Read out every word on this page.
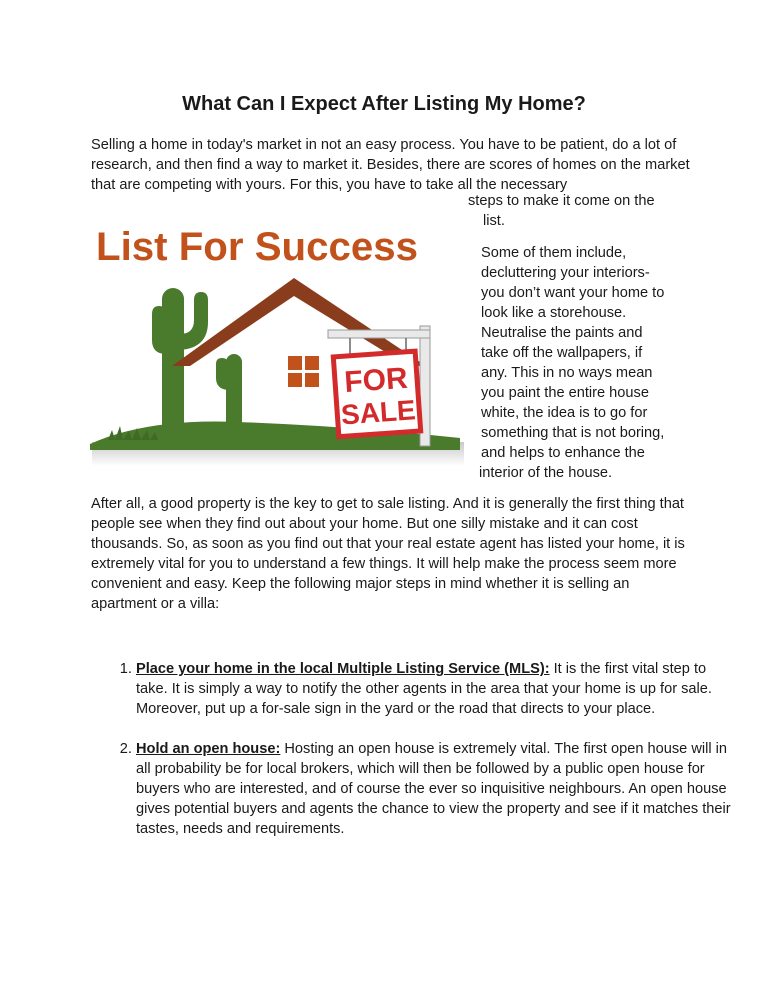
What Can I Expect After Listing My Home?

Selling a home in today's market in not an easy process. You have to be patient, do a lot of research, and then find a way to market it. Besides, there are scores of homes on the market that are competing with yours. For this, you have to take all the necessary

List For Success
FOR
SALE

steps to make it come on the

list.

Some of them include,
decluttering your interiors-
you don’t want your home to
look like a storehouse.
Neutralise the paints and
take off the wallpapers, if
any. This in no ways mean
you paint the entire house
white, the idea is to go for
something that is not boring,
and helps to enhance the

interior of the house.

After all, a good property is the key to get to sale listing. And it is generally the first thing that people see when they find out about your home. But one silly mistake and it can cost thousands. So, as soon as you find out that your real estate agent has listed your home, it is extremely vital for you to understand a few things. It will help make the process seem more convenient and easy. Keep the following major steps in mind whether it is selling an apartment or a villa:

1. Place your home in the local Multiple Listing Service (MLS): It is the first vital step to take. It is simply a way to notify the other agents in the area that your home is up for sale. Moreover, put up a for-sale sign in the yard or the road that directs to your place.
2. Hold an open house: Hosting an open house is extremely vital. The first open house will in all probability be for local brokers, which will then be followed by a public open house for buyers who are interested, and of course the ever so inquisitive neighbours. An open house gives potential buyers and agents the chance to view the property and see if it matches their tastes, needs and requirements.
